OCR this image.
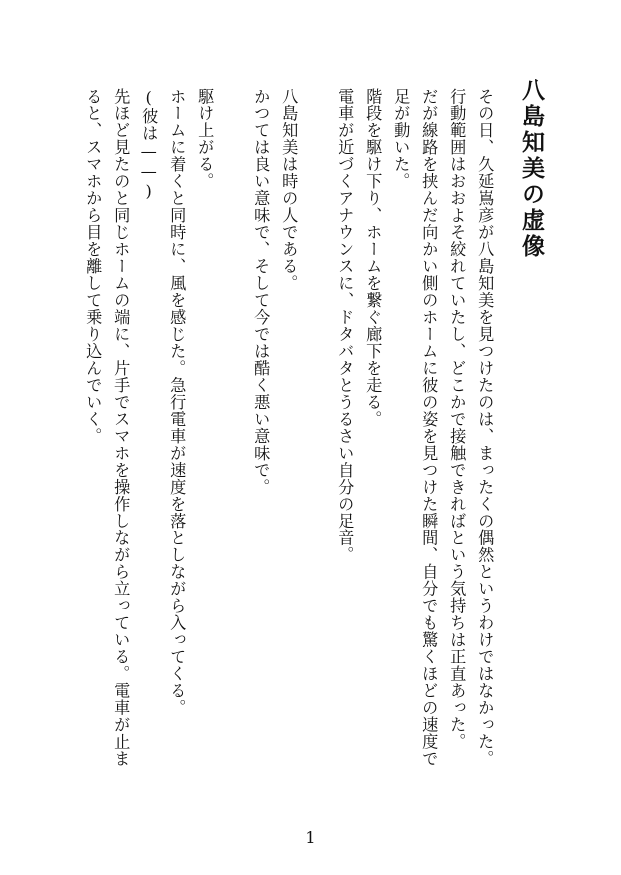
八島知美の虚像
その日、久延嶌彦が八島知美を見つけたのは、まったくの偶然というわけではなかった。
行動範囲はおおよそ絞れていたし、どこかで接触できればという気持ちは正直あった。
だが線路を挟んだ向かい側のホームに彼の姿を見つけた瞬間、自分でも驚くほどの速度で
足が動いた。
階段を駆け下り、ホームを繋ぐ廊下を走る。
電車が近づくアナウンスに、ドタバタとうるさい自分の足音。
八島知美は時の人である。
かつては良い意味で、そして今では酷く悪い意味で。
駆け上がる。
ホームに着くと同時に、風を感じた。急行電車が速度を落としながら入ってくる。
(彼は——)
先ほど見たのと同じホームの端に、片手でスマホを操作しながら立っている。電車が止ま
ると、スマホから目を離して乗り込んでいく。
1
